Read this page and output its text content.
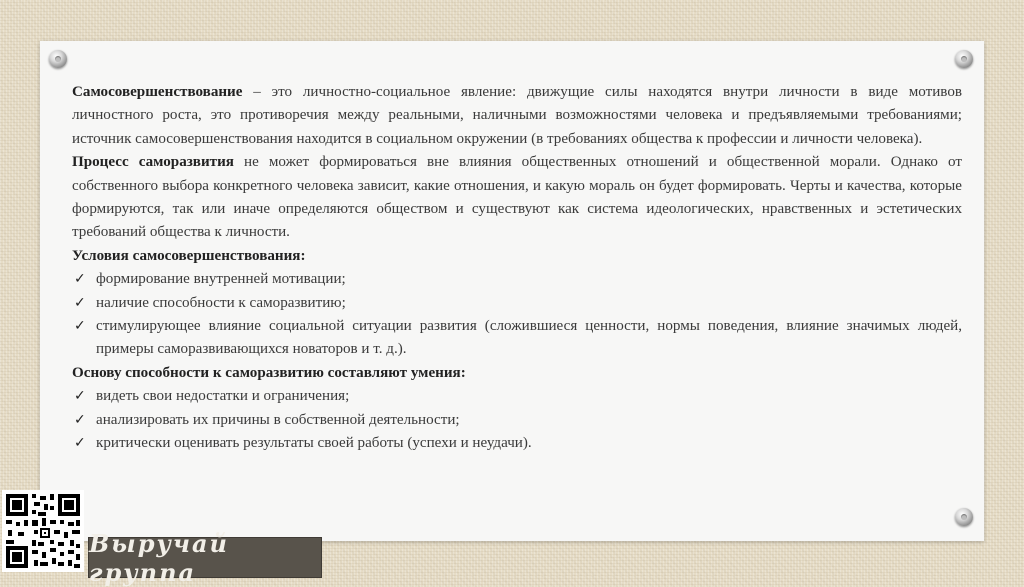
Самосовершенствование – это личностно-социальное явление: движущие силы находятся внутри личности в виде мотивов личностного роста, это противоречия между реальными, наличными возможностями человека и предъявляемыми требованиями; источник самосовершенствования находится в социальном окружении (в требованиях общества к профессии и личности человека).

Процесс саморазвития не может формироваться вне влияния общественных отношений и общественной морали. Однако от собственного выбора конкретного человека зависит, какие отношения, и какую мораль он будет формировать. Черты и качества, которые формируются, так или иначе определяются обществом и существуют как система идеологических, нравственных и эстетических требований общества к личности.

Условия самосовершенствования:

✓ формирование внутренней мотивации;
✓ наличие способности к саморазвитию;
✓ стимулирующее влияние социальной ситуации развития (сложившиеся ценности, нормы поведения, влияние значимых людей, примеры саморазвивающихся новаторов и т. д.).

Основу способности к саморазвитию составляют умения:

✓ видеть свои недостатки и ограничения;
✓ анализировать их причины в собственной деятельности;
✓ критически оценивать результаты своей работы (успехи и неудачи).
Выручай группа
